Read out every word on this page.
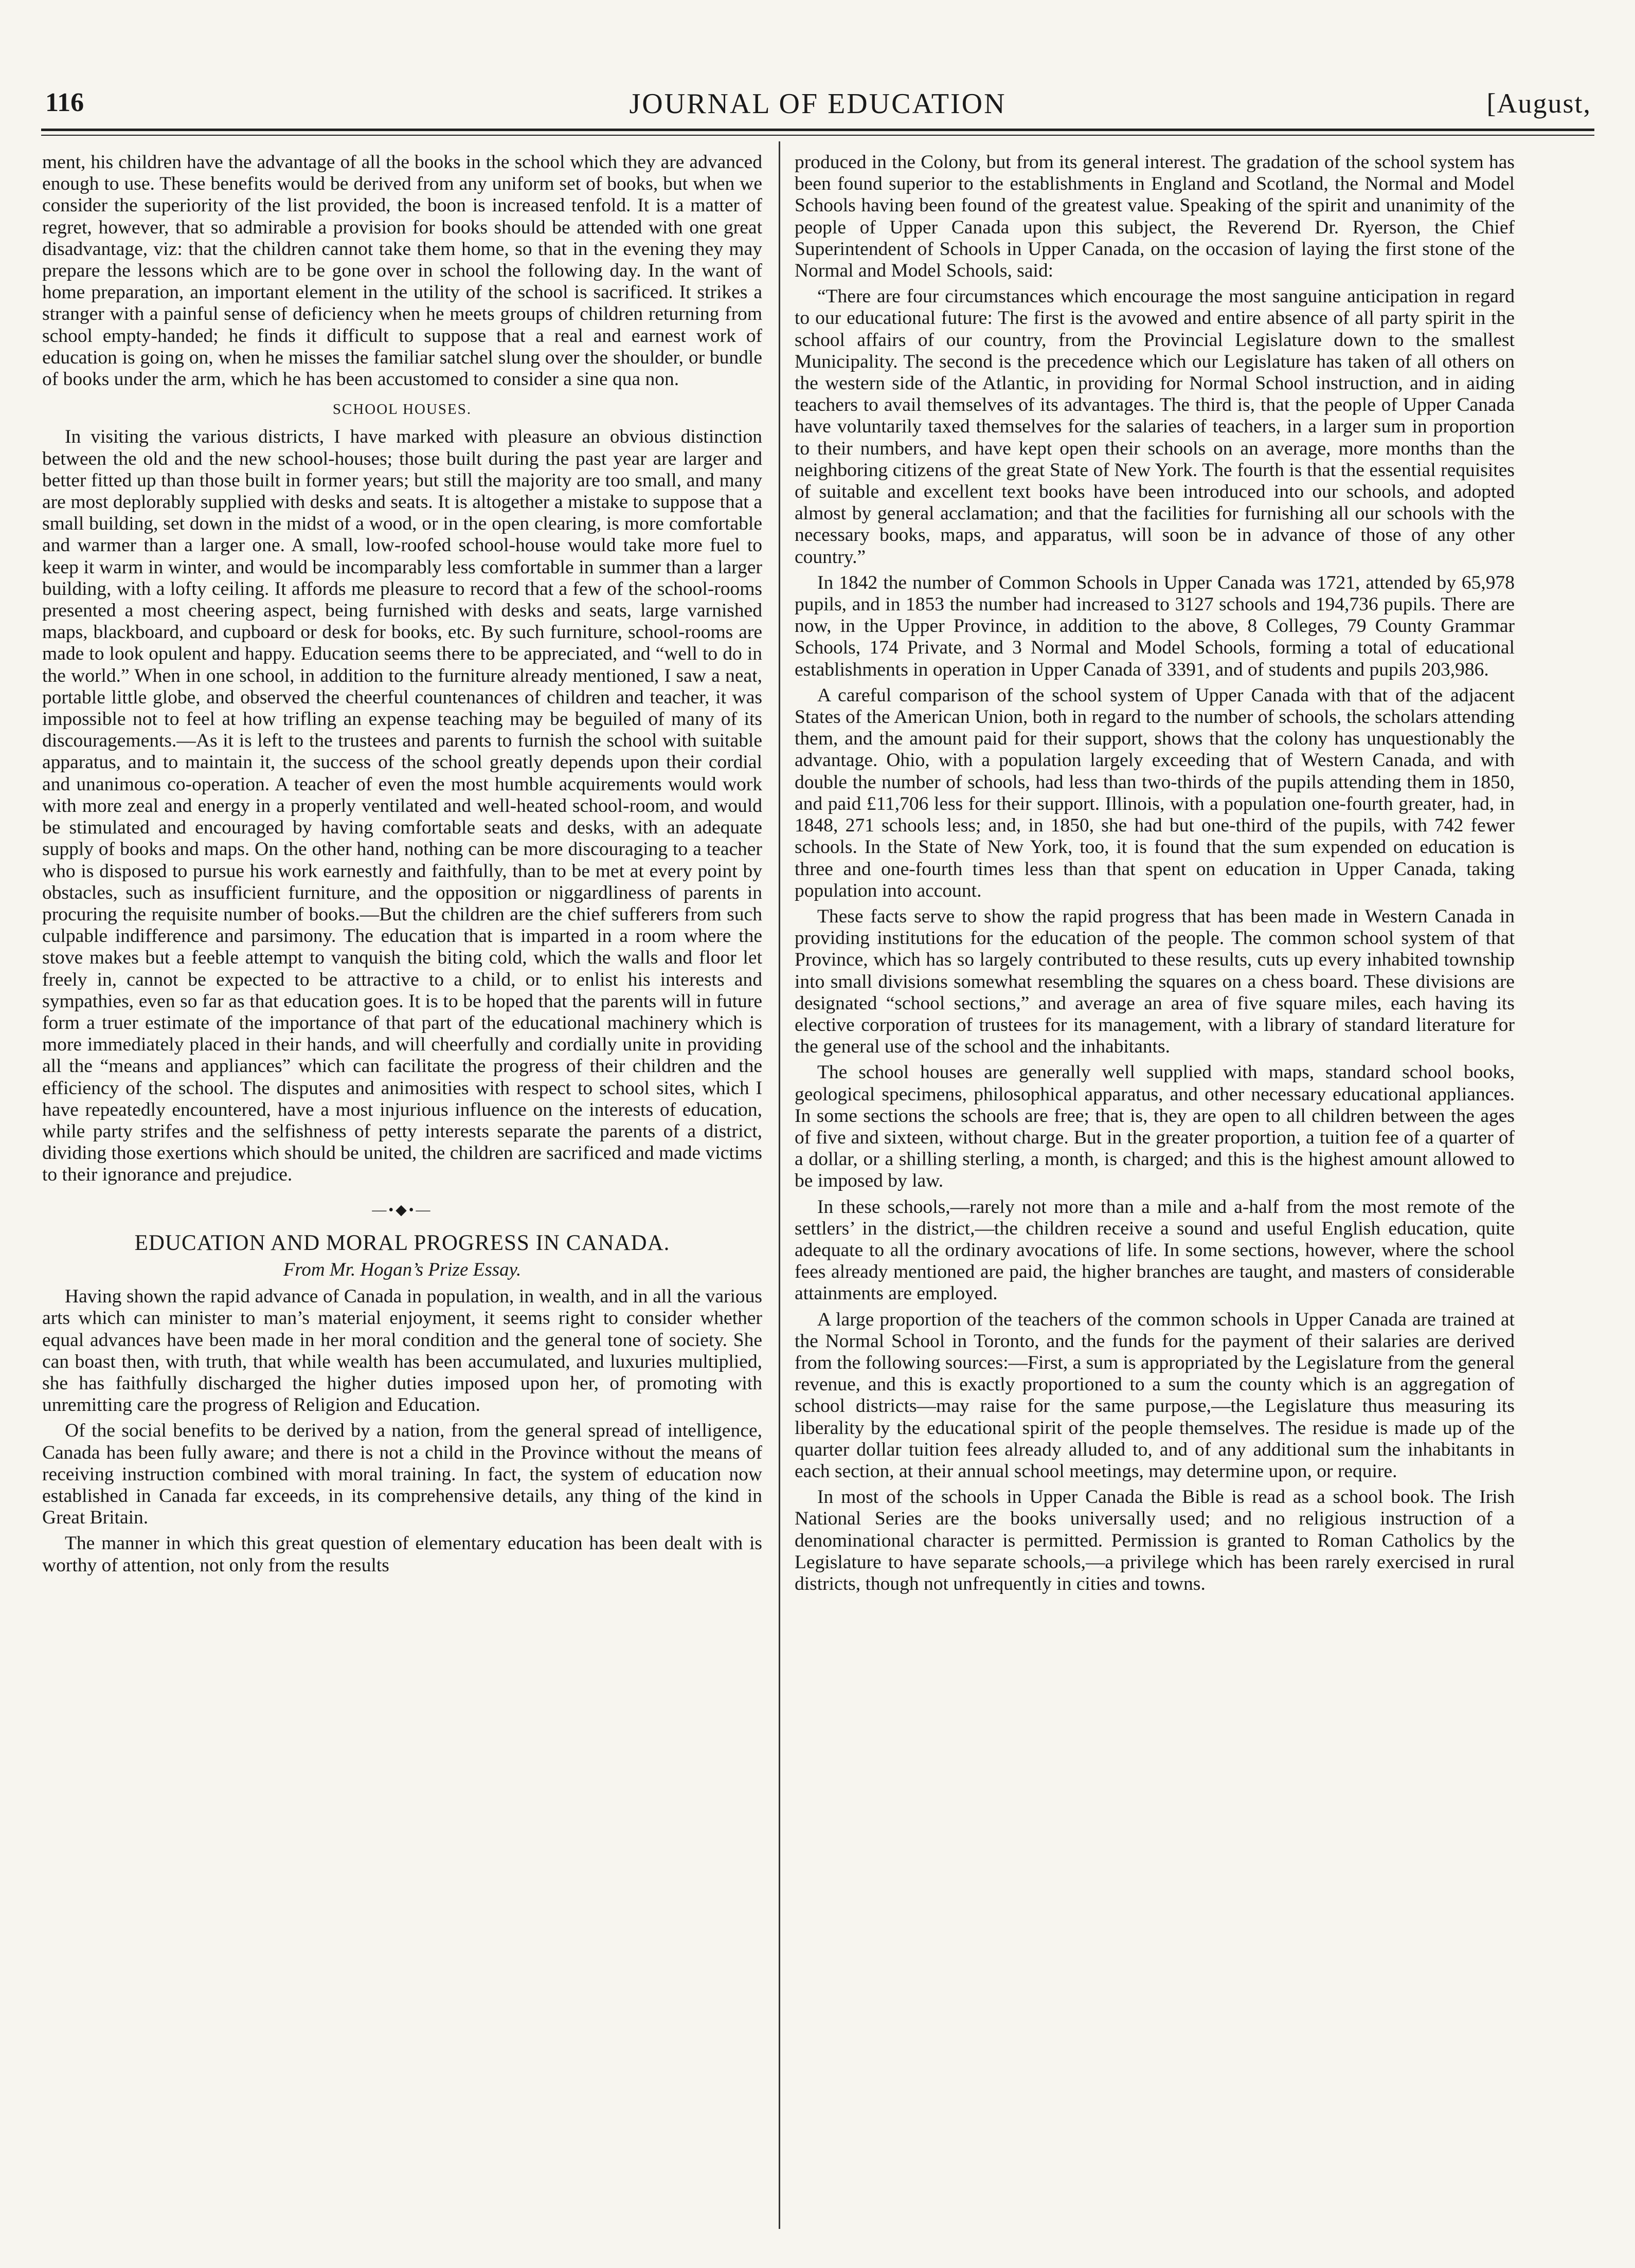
116	JOURNAL OF EDUCATION	[August,

ment, his children have the advantage of all the books in the school which they are advanced enough to use. These benefits would be derived from any uniform set of books, but when we consider the superiority of the list provided, the boon is increased tenfold. It is a matter of regret, however, that so admirable a provision for books should be attended with one great disadvantage, viz: that the children cannot take them home, so that in the evening they may prepare the lessons which are to be gone over in school the following day. In the want of home preparation, an important element in the utility of the school is sacrificed. It strikes a stranger with a painful sense of deficiency when he meets groups of children returning from school empty-handed; he finds it difficult to suppose that a real and earnest work of education is going on, when he misses the familiar satchel slung over the shoulder, or bundle of books under the arm, which he has been accustomed to consider a sine qua non.

SCHOOL HOUSES.

In visiting the various districts, I have marked with pleasure an obvious distinction between the old and the new school-houses; those built during the past year are larger and better fitted up than those built in former years; but still the majority are too small, and many are most deplorably supplied with desks and seats. It is altogether a mistake to suppose that a small building, set down in the midst of a wood, or in the open clearing, is more comfortable and warmer than a larger one. A small, low-roofed school-house would take more fuel to keep it warm in winter, and would be incomparably less comfortable in summer than a larger building, with a lofty ceiling. It affords me pleasure to record that a few of the school-rooms presented a most cheering aspect, being furnished with desks and seats, large varnished maps, blackboard, and cupboard or desk for books, etc. By such furniture, school-rooms are made to look opulent and happy. Education seems there to be appreciated, and “well to do in the world.” When in one school, in addition to the furniture already mentioned, I saw a neat, portable little globe, and observed the cheerful countenances of children and teacher, it was impossible not to feel at how trifling an expense teaching may be beguiled of many of its discouragements.—As it is left to the trustees and parents to furnish the school with suitable apparatus, and to maintain it, the success of the school greatly depends upon their cordial and unanimous co-operation. A teacher of even the most humble acquirements would work with more zeal and energy in a properly ventilated and well-heated school-room, and would be stimulated and encouraged by having comfortable seats and desks, with an adequate supply of books and maps. On the other hand, nothing can be more discouraging to a teacher who is disposed to pursue his work earnestly and faithfully, than to be met at every point by obstacles, such as insufficient furniture, and the opposition or niggardliness of parents in procuring the requisite number of books.—But the children are the chief sufferers from such culpable indifference and parsimony. The education that is imparted in a room where the stove makes but a feeble attempt to vanquish the biting cold, which the walls and floor let freely in, cannot be expected to be attractive to a child, or to enlist his interests and sympathies, even so far as that education goes. It is to be hoped that the parents will in future form a truer estimate of the importance of that part of the educational machinery which is more immediately placed in their hands, and will cheerfully and cordially unite in providing all the “means and appliances” which can facilitate the progress of their children and the efficiency of the school. The disputes and animosities with respect to school sites, which I have repeatedly encountered, have a most injurious influence on the interests of education, while party strifes and the selfishness of petty interests separate the parents of a district, dividing those exertions which should be united, the children are sacrificed and made victims to their ignorance and prejudice.

—•◆•—
EDUCATION AND MORAL PROGRESS IN CANADA.
From Mr. Hogan’s Prize Essay.

Having shown the rapid advance of Canada in population, in wealth, and in all the various arts which can minister to man’s material enjoyment, it seems right to consider whether equal advances have been made in her moral condition and the general tone of society. She can boast then, with truth, that while wealth has been accumulated, and luxuries multiplied, she has faithfully discharged the higher duties imposed upon her, of promoting with unremitting care the progress of Religion and Education.

Of the social benefits to be derived by a nation, from the general spread of intelligence, Canada has been fully aware; and there is not a child in the Province without the means of receiving instruction combined with moral training. In fact, the system of education now established in Canada far exceeds, in its comprehensive details, any thing of the kind in Great Britain.

The manner in which this great question of elementary education has been dealt with is worthy of attention, not only from the results

produced in the Colony, but from its general interest. The gradation of the school system has been found superior to the establishments in England and Scotland, the Normal and Model Schools having been found of the greatest value. Speaking of the spirit and unanimity of the people of Upper Canada upon this subject, the Reverend Dr. Ryerson, the Chief Superintendent of Schools in Upper Canada, on the occasion of laying the first stone of the Normal and Model Schools, said:

“There are four circumstances which encourage the most sanguine anticipation in regard to our educational future: The first is the avowed and entire absence of all party spirit in the school affairs of our country, from the Provincial Legislature down to the smallest Municipality. The second is the precedence which our Legislature has taken of all others on the western side of the Atlantic, in providing for Normal School instruction, and in aiding teachers to avail themselves of its advantages. The third is, that the people of Upper Canada have voluntarily taxed themselves for the salaries of teachers, in a larger sum in proportion to their numbers, and have kept open their schools on an average, more months than the neighboring citizens of the great State of New York. The fourth is that the essential requisites of suitable and excellent text books have been introduced into our schools, and adopted almost by general acclamation; and that the facilities for furnishing all our schools with the necessary books, maps, and apparatus, will soon be in advance of those of any other country.”

In 1842 the number of Common Schools in Upper Canada was 1721, attended by 65,978 pupils, and in 1853 the number had increased to 3127 schools and 194,736 pupils. There are now, in the Upper Province, in addition to the above, 8 Colleges, 79 County Grammar Schools, 174 Private, and 3 Normal and Model Schools, forming a total of educational establishments in operation in Upper Canada of 3391, and of students and pupils 203,986.

A careful comparison of the school system of Upper Canada with that of the adjacent States of the American Union, both in regard to the number of schools, the scholars attending them, and the amount paid for their support, shows that the colony has unquestionably the advantage. Ohio, with a population largely exceeding that of Western Canada, and with double the number of schools, had less than two-thirds of the pupils attending them in 1850, and paid £11,706 less for their support. Illinois, with a population one-fourth greater, had, in 1848, 271 schools less; and, in 1850, she had but one-third of the pupils, with 742 fewer schools. In the State of New York, too, it is found that the sum expended on education is three and one-fourth times less than that spent on education in Upper Canada, taking population into account.

These facts serve to show the rapid progress that has been made in Western Canada in providing institutions for the education of the people. The common school system of that Province, which has so largely contributed to these results, cuts up every inhabited township into small divisions somewhat resembling the squares on a chess board. These divisions are designated “school sections,” and average an area of five square miles, each having its elective corporation of trustees for its management, with a library of standard literature for the general use of the school and the inhabitants.

The school houses are generally well supplied with maps, standard school books, geological specimens, philosophical apparatus, and other necessary educational appliances. In some sections the schools are free; that is, they are open to all children between the ages of five and sixteen, without charge. But in the greater proportion, a tuition fee of a quarter of a dollar, or a shilling sterling, a month, is charged; and this is the highest amount allowed to be imposed by law.

In these schools,—rarely not more than a mile and a-half from the most remote of the settlers’ in the district,—the children receive a sound and useful English education, quite adequate to all the ordinary avocations of life. In some sections, however, where the school fees already mentioned are paid, the higher branches are taught, and masters of considerable attainments are employed.

A large proportion of the teachers of the common schools in Upper Canada are trained at the Normal School in Toronto, and the funds for the payment of their salaries are derived from the following sources:—First, a sum is appropriated by the Legislature from the general revenue, and this is exactly proportioned to a sum the county which is an aggregation of school districts—may raise for the same purpose,—the Legislature thus measuring its liberality by the educational spirit of the people themselves. The residue is made up of the quarter dollar tuition fees already alluded to, and of any additional sum the inhabitants in each section, at their annual school meetings, may determine upon, or require.

In most of the schools in Upper Canada the Bible is read as a school book. The Irish National Series are the books universally used; and no religious instruction of a denominational character is permitted. Permission is granted to Roman Catholics by the Legislature to have separate schools,—a privilege which has been rarely exercised in rural districts, though not unfrequently in cities and towns.
